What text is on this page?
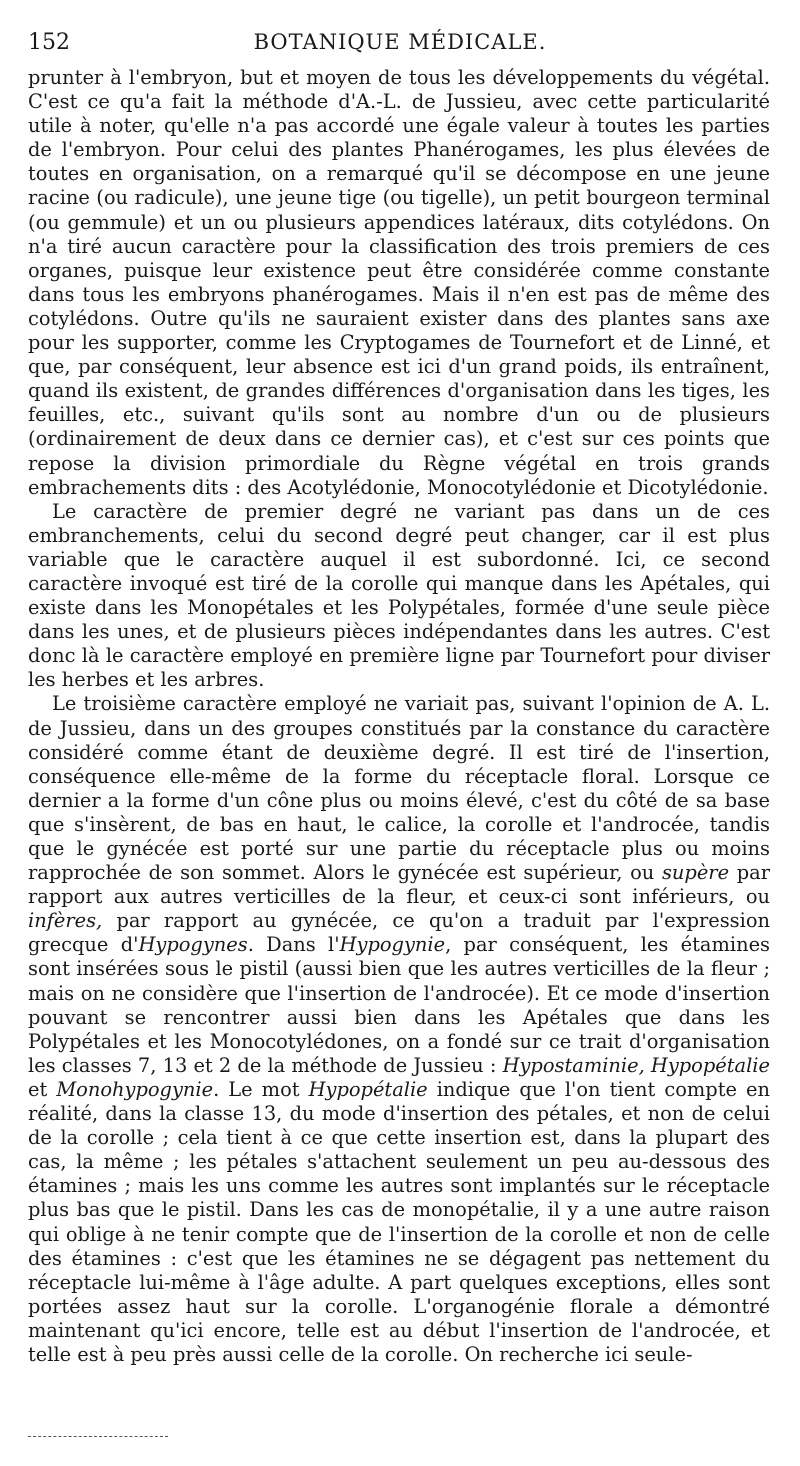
152	BOTANIQUE MÉDICALE.

prunter à l'embryon, but et moyen de tous les développements du végétal. C'est ce qu'a fait la méthode d'A.-L. de Jussieu, avec cette particularité utile à noter, qu'elle n'a pas accordé une égale valeur à toutes les parties de l'embryon. Pour celui des plantes Phanérogames, les plus élevées de toutes en organisation, on a remarqué qu'il se décompose en une jeune racine (ou radicule), une jeune tige (ou tigelle), un petit bourgeon terminal (ou gemmule) et un ou plusieurs appendices latéraux, dits cotylédons. On n'a tiré aucun caractère pour la classification des trois premiers de ces organes, puisque leur existence peut être considérée comme constante dans tous les embryons phanérogames. Mais il n'en est pas de même des cotylédons. Outre qu'ils ne sauraient exister dans des plantes sans axe pour les supporter, comme les Cryptogames de Tournefort et de Linné, et que, par conséquent, leur absence est ici d'un grand poids, ils entraînent, quand ils existent, de grandes différences d'organisation dans les tiges, les feuilles, etc., suivant qu'ils sont au nombre d'un ou de plusieurs (ordinairement de deux dans ce dernier cas), et c'est sur ces points que repose la division primordiale du Règne végétal en trois grands embrachements dits : des Acotylédonie, Monocotylédonie et Dicotylédonie.

Le caractère de premier degré ne variant pas dans un de ces embranchements, celui du second degré peut changer, car il est plus variable que le caractère auquel il est subordonné. Ici, ce second caractère invoqué est tiré de la corolle qui manque dans les Apétales, qui existe dans les Monopétales et les Polypétales, formée d'une seule pièce dans les unes, et de plusieurs pièces indépendantes dans les autres. C'est donc là le caractère employé en première ligne par Tournefort pour diviser les herbes et les arbres.

Le troisième caractère employé ne variait pas, suivant l'opinion de A. L. de Jussieu, dans un des groupes constitués par la constance du caractère considéré comme étant de deuxième degré. Il est tiré de l'insertion, conséquence elle-même de la forme du réceptacle floral. Lorsque ce dernier a la forme d'un cône plus ou moins élevé, c'est du côté de sa base que s'insèrent, de bas en haut, le calice, la corolle et l'androcée, tandis que le gynécée est porté sur une partie du réceptacle plus ou moins rapprochée de son sommet. Alors le gynécée est supérieur, ou supère par rapport aux autres verticilles de la fleur, et ceux-ci sont inférieurs, ou infères, par rapport au gynécée, ce qu'on a traduit par l'expression grecque d'Hypogynes. Dans l'Hypogynie, par conséquent, les étamines sont insérées sous le pistil (aussi bien que les autres verticilles de la fleur ; mais on ne considère que l'insertion de l'androcée). Et ce mode d'insertion pouvant se rencontrer aussi bien dans les Apétales que dans les Polypétales et les Monocotylédones, on a fondé sur ce trait d'organisation les classes 7, 13 et 2 de la méthode de Jussieu : Hypostaminie, Hypopétalie et Monohypogynie. Le mot Hypopétalie indique que l'on tient compte en réalité, dans la classe 13, du mode d'insertion des pétales, et non de celui de la corolle ; cela tient à ce que cette insertion est, dans la plupart des cas, la même ; les pétales s'attachent seulement un peu au-dessous des étamines ; mais les uns comme les autres sont implantés sur le réceptacle plus bas que le pistil. Dans les cas de monopétalie, il y a une autre raison qui oblige à ne tenir compte que de l'insertion de la corolle et non de celle des étamines : c'est que les étamines ne se dégagent pas nettement du réceptacle lui-même à l'âge adulte. A part quelques exceptions, elles sont portées assez haut sur la corolle. L'organogénie florale a démontré maintenant qu'ici encore, telle est au début l'insertion de l'androcée, et telle est à peu près aussi celle de la corolle. On recherche ici seule-
